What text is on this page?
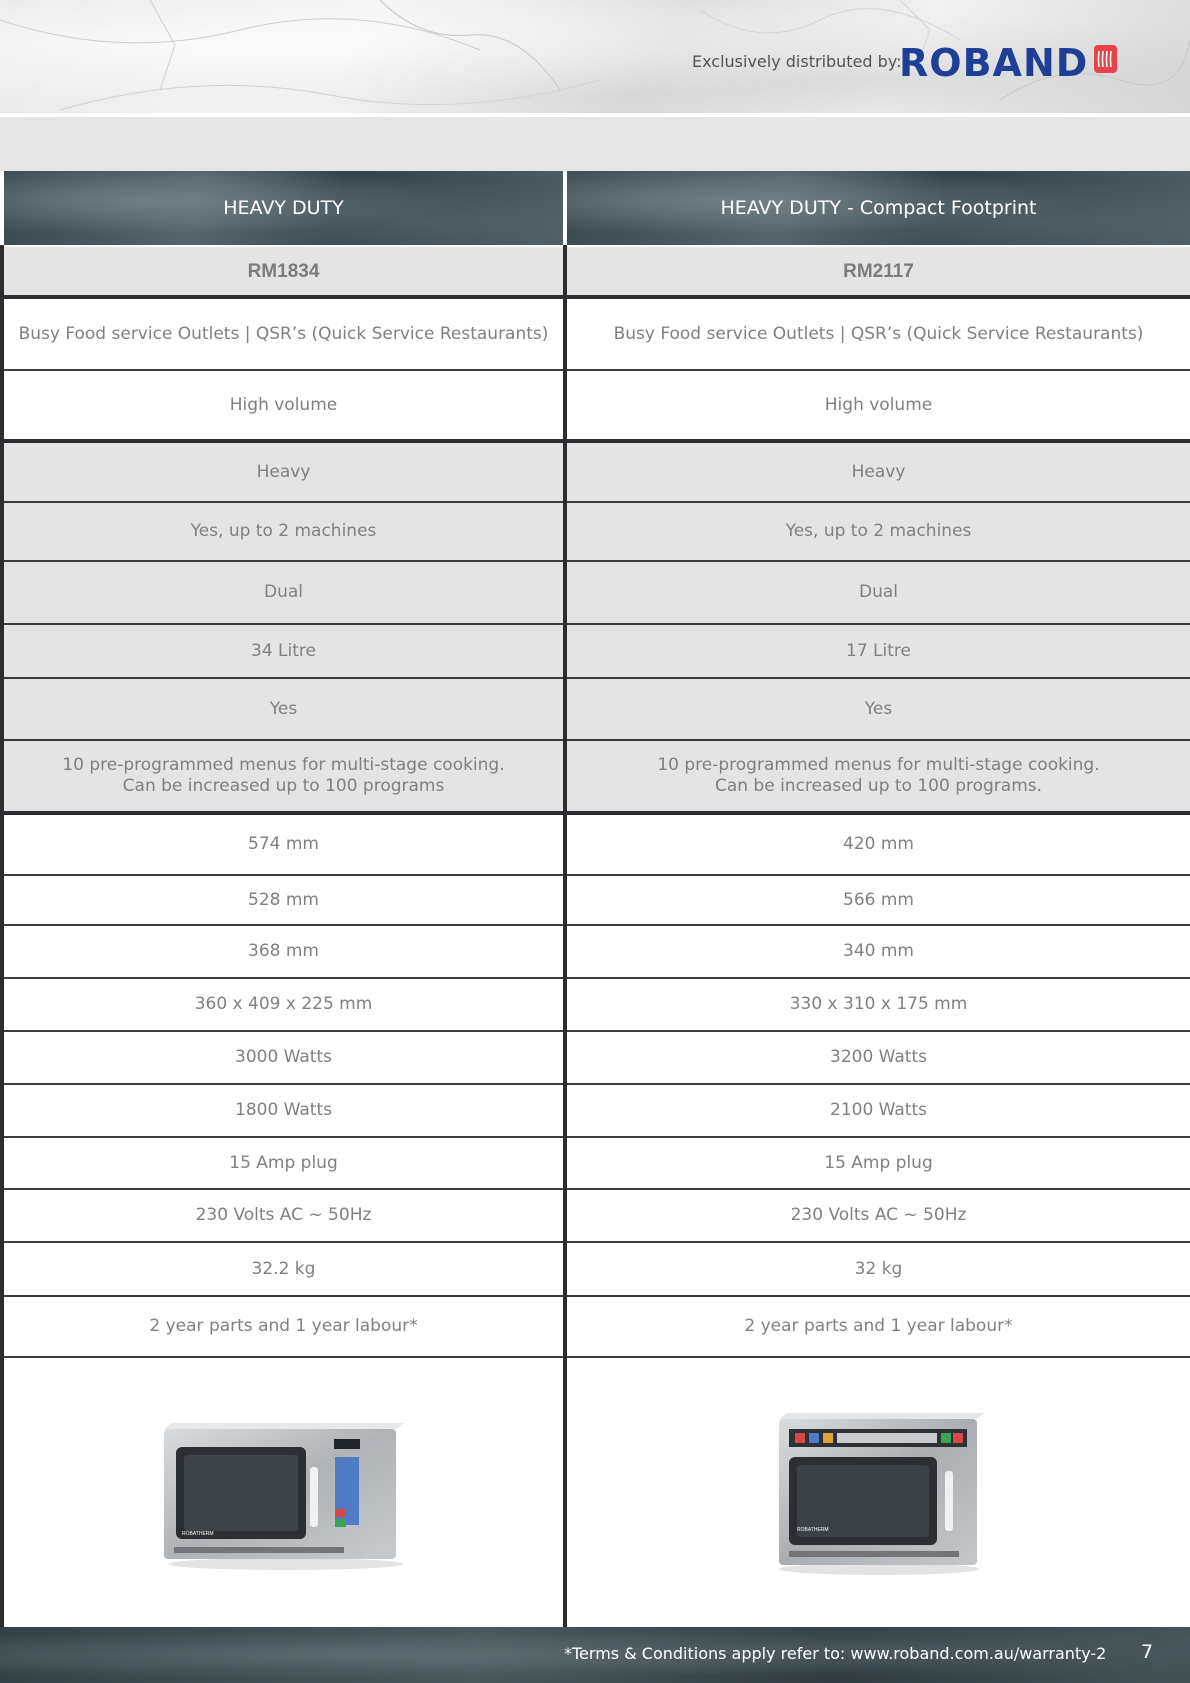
Exclusively distributed by:
ROBAND
HEAVY DUTY
RM1834
Busy Food service Outlets | QSR’s (Quick Service Restaurants)
High volume
Heavy
Yes, up to 2 machines
Dual
34 Litre
Yes
10 pre-programmed menus for multi-stage cooking.
Can be increased up to 100 programs
574 mm
528 mm
368 mm
360 x 409 x 225 mm
3000 Watts
1800 Watts
15 Amp plug
230 Volts AC ~ 50Hz
32.2 kg
2 year parts and 1 year labour*
ROBATHERM
HEAVY DUTY - Compact Footprint
RM2117
Busy Food service Outlets | QSR’s (Quick Service Restaurants)
High volume
Heavy
Yes, up to 2 machines
Dual
17 Litre
Yes
10 pre-programmed menus for multi-stage cooking.
Can be increased up to 100 programs.
420 mm
566 mm
340 mm
330 x 310 x 175 mm
3200 Watts
2100 Watts
15 Amp plug
230 Volts AC ~ 50Hz
32 kg
2 year parts and 1 year labour*
ROBATHERM
*Terms & Conditions apply refer to: www.roband.com.au/warranty-2 7
